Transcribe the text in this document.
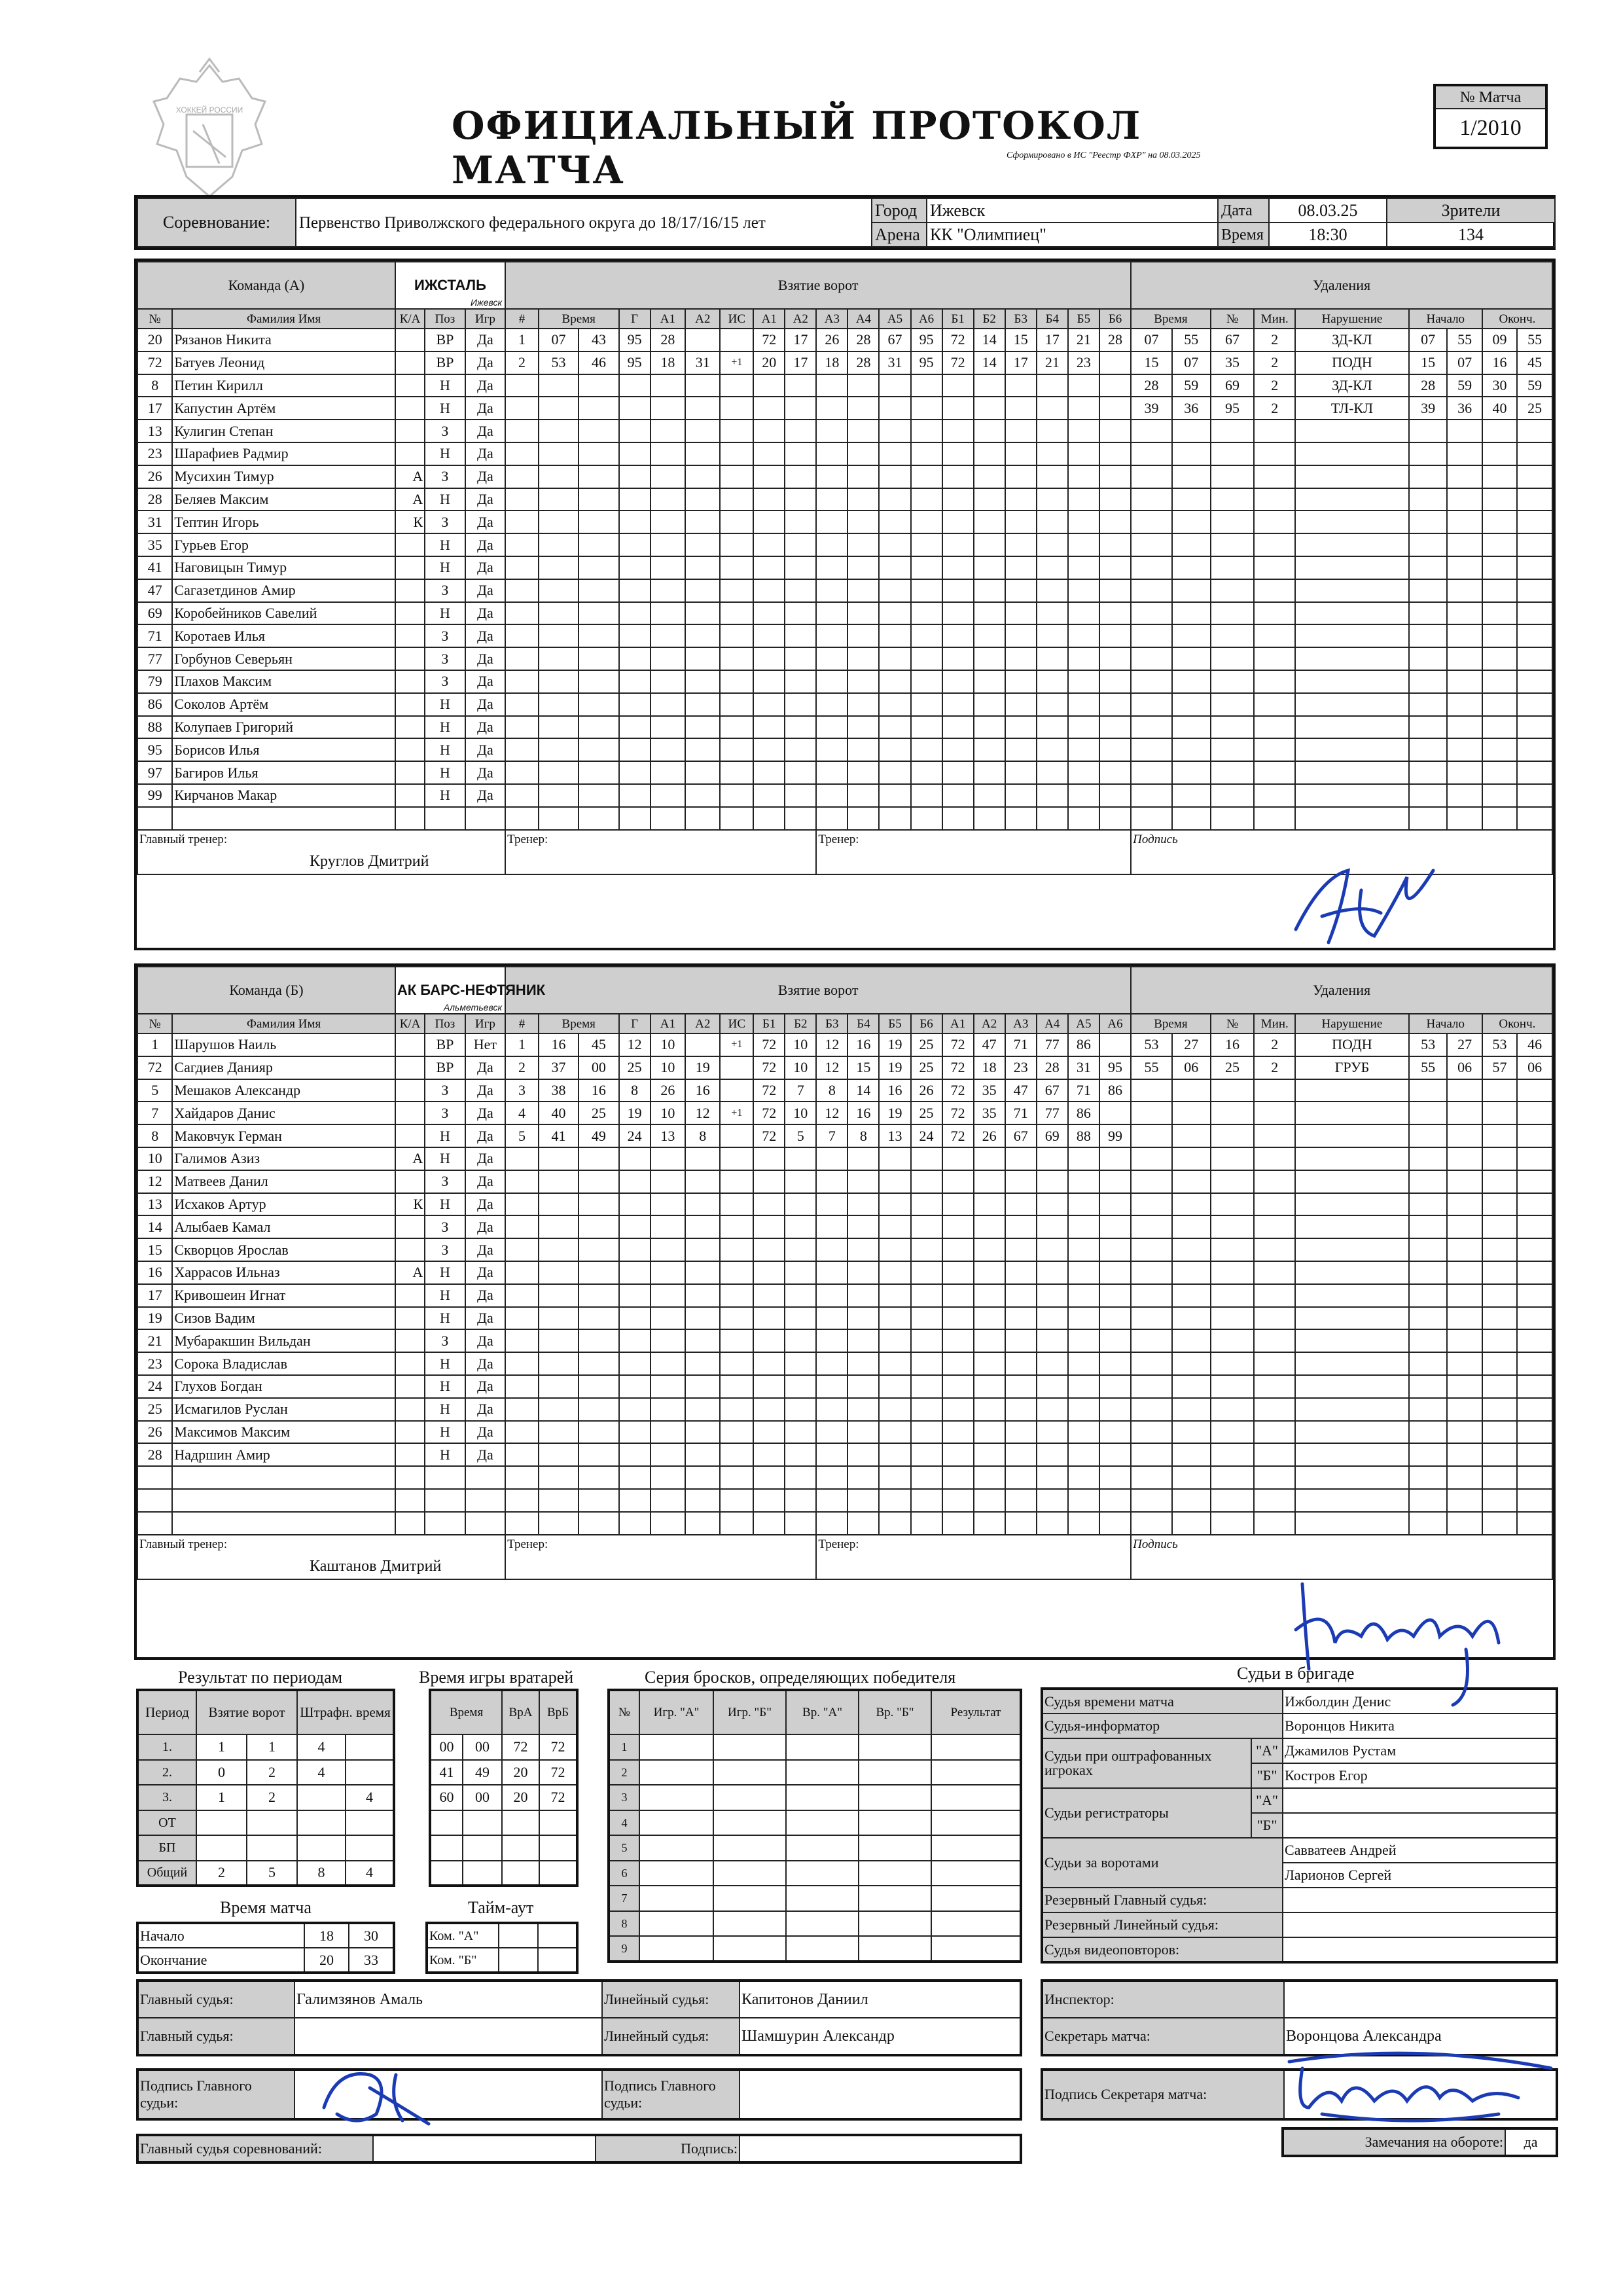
ХОККЕЙ РОССИИ	ОФИЦИАЛЬНЫЙ ПРОТОКОЛ МАТЧА	Сформировано в ИС "Реестр ФХР" на 08.03.2025
№ Матча
1/2010
Соревнование:	Первенство Приволжского федерального округа до 18/17/16/15 лет	Город	Ижевск	Дата	08.03.25	Зрители
		Арена	КК "Олимпиец"	Время	18:30	134
Команда (А)		ИЖСТАЛЬ
Ижевск			Взятие ворот																			Удаления								
№	Фамилия Имя	К/А	Поз	Игр	#	Время		Г	А1	А2	ИС	А1	А2	А3	А4	А5	А6	Б1	Б2	Б3	Б4	Б5	Б6	Время		№	Мин.	Нарушение	Начало		Оконч.	
20	Рязанов Никита		ВР	Да	1	07	43	95	28			72	17	26	28	67	95	72	14	15	17	21	28	07	55	67	2	ЗД-КЛ	07	55	09	55
72	Батуев Леонид		ВР	Да	2	53	46	95	18	31	+1	20	17	18	28	31	95	72	14	17	21	23		15	07	35	2	ПОДН	15	07	16	45
8	Петин Кирилл		Н	Да																				28	59	69	2	ЗД-КЛ	28	59	30	59
17	Капустин Артём		Н	Да																				39	36	95	2	ТЛ-КЛ	39	36	40	25
13	Кулигин Степан		З	Да																												
23	Шарафиев Радмир		Н	Да																												
26	Мусихин Тимур	А	З	Да																												
28	Беляев Максим	А	Н	Да																												
31	Тептин Игорь	К	З	Да																												
35	Гурьев Егор		Н	Да																												
41	Наговицын Тимур		Н	Да																												
47	Сагазетдинов Амир		З	Да																												
69	Коробейников Савелий		Н	Да																												
71	Коротаев Илья		З	Да																												
77	Горбунов Северьян		З	Да																												
79	Плахов Максим		З	Да																												
86	Соколов Артём		Н	Да																												
88	Колупаев Григорий		Н	Да																												
95	Борисов Илья		Н	Да																												
97	Багиров Илья		Н	Да																												
99	Кирчанов Макар		Н	Да																												

Главный тренер:
Круглов Дмитрий					Тренер:									Тренер:										Подпись								
Команда (Б)		АК БАРС-НЕФТЯНИК
Альметьевск			Взятие ворот																			Удаления								
№	Фамилия Имя	К/А	Поз	Игр	#	Время		Г	А1	А2	ИС	Б1	Б2	Б3	Б4	Б5	Б6	А1	А2	А3	А4	А5	А6	Время		№	Мин.	Нарушение	Начало		Оконч.	
1	Шарушов Наиль		ВР	Нет	1	16	45	12	10		+1	72	10	12	16	19	25	72	47	71	77	86		53	27	16	2	ПОДН	53	27	53	46
72	Сагдиев Данияр		ВР	Да	2	37	00	25	10	19		72	10	12	15	19	25	72	18	23	28	31	95	55	06	25	2	ГРУБ	55	06	57	06
5	Мешаков Александр		З	Да	3	38	16	8	26	16		72	7	8	14	16	26	72	35	47	67	71	86									
7	Хайдаров Данис		З	Да	4	40	25	19	10	12	+1	72	10	12	16	19	25	72	35	71	77	86										
8	Маковчук Герман		Н	Да	5	41	49	24	13	8		72	5	7	8	13	24	72	26	67	69	88	99									
10	Галимов Азиз	А	Н	Да																												
12	Матвеев Данил		З	Да																												
13	Исхаков Артур	К	Н	Да																												
14	Алыбаев Камал		З	Да																												
15	Скворцов Ярослав		З	Да																												
16	Харрасов Ильназ	А	Н	Да																												
17	Кривошеин Игнат		Н	Да																												
19	Сизов Вадим		Н	Да																												
21	Мубаракшин Вильдан		З	Да																												
23	Сорока Владислав		Н	Да																												
24	Глухов Богдан		Н	Да																												
25	Исмагилов Руслан		Н	Да																												
26	Максимов Максим		Н	Да																												
28	Надршин Амир		Н	Да																												

Главный тренер:
Каштанов Дмитрий					Тренер:									Тренер:										Подпись								
Результат по периодам
Период	Взятие ворот		Штрафн. время	
1.	1	1	4	
2.	0	2	4	
3.	1	2		4
ОТ				
БП				
Общий	2	5	8	4
Время матча
Начало	18	30
Окончание	20	33
Время игры вратарей
Время		ВрА	ВрБ
00	00	72	72
41	49	20	72
60	00	20	72

Тайм-аут
Ком. "А"		
Ком. "Б"		
Серия бросков, определяющих победителя
№	Игр. "А"	Игр. "Б"	Вр. "А"	Вр. "Б"	Результат
1					
2					
3					
4					
5					
6					
7					
8					
9					
Судьи в бригаде
Судья времени матча		Ижболдин Денис
Судья-информатор		Воронцов Никита
Судьи при оштрафованных игроках	"А"	Джамилов Рустам
	"Б"	Костров Егор
Судьи регистраторы	"А"	
	"Б"	
Судьи за воротами		Савватеев Андрей
		Ларионов Сергей
Резервный Главный судья:		
Резервный Линейный судья:		
Судья видеоповторов:		
Главный судья:	Галимзянов Амаль	Линейный судья:	Капитонов Даниил
Главный судья:		Линейный судья:	Шамшурин Александр
Инспектор:	
Секретарь матча:	Воронцова Александра
Подпись Главного судьи:		Подпись Главного судьи:	
Подпись Секретаря матча:	
Главный судья соревнований:		Подпись:		Замечания на обороте:	да
